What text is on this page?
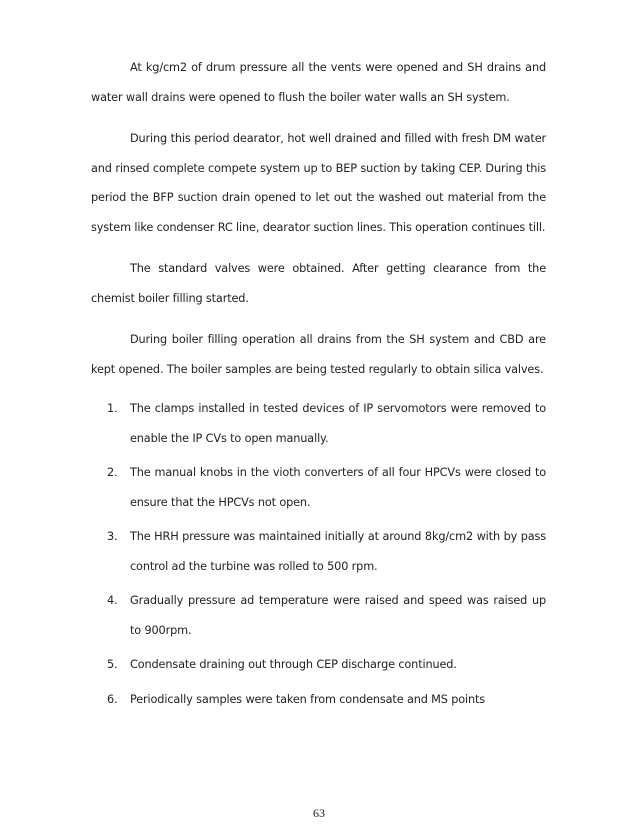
At kg/cm2 of drum pressure all the vents were opened and SH drains and water wall drains were opened to flush the boiler water walls an SH system.

During this period dearator, hot well drained and filled with fresh DM water and rinsed complete compete system up to BEP suction by taking CEP. During this period the BFP suction drain opened to let out the washed out material from the system like condenser RC line, dearator suction lines. This operation continues till.

The standard valves were obtained. After getting clearance from the chemist boiler filling started.

During boiler filling operation all drains from the SH system and CBD are kept opened. The boiler samples are being tested regularly to obtain silica valves.

1. The clamps installed in tested devices of IP servomotors were removed to enable the IP CVs to open manually.
2. The manual knobs in the vioth converters of all four HPCVs were closed to ensure that the HPCVs not open.
3. The HRH pressure was maintained initially at around 8kg/cm2 with by pass control ad the turbine was rolled to 500 rpm.
4. Gradually pressure ad temperature were raised and speed was raised up to 900rpm.
5. Condensate draining out through CEP discharge continued.
6. Periodically samples were taken from condensate and MS points
63
